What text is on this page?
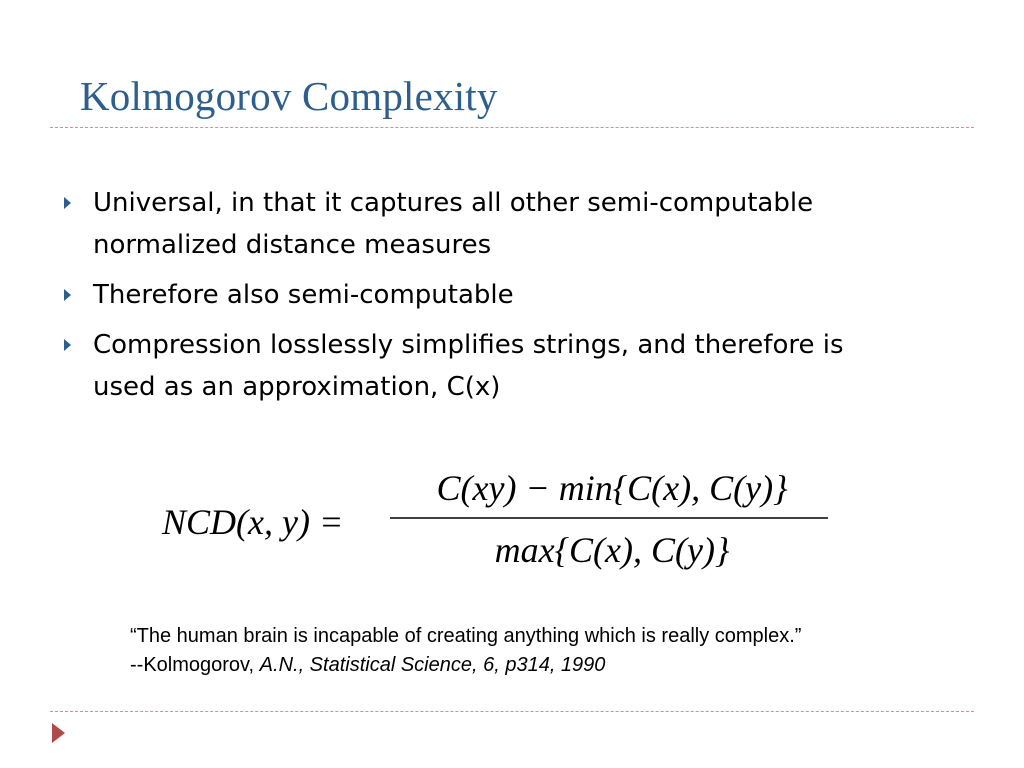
Kolmogorov Complexity
Universal, in that it captures all other semi-computable normalized distance measures
Therefore also semi-computable
Compression losslessly simplifies strings, and therefore is used as an approximation, C(x)
NCD(x, y) =
C(xy) − min{C(x), C(y)}
max{C(x), C(y)}
“The human brain is incapable of creating anything which is really complex.”
--Kolmogorov, A.N., Statistical Science, 6, p314, 1990
